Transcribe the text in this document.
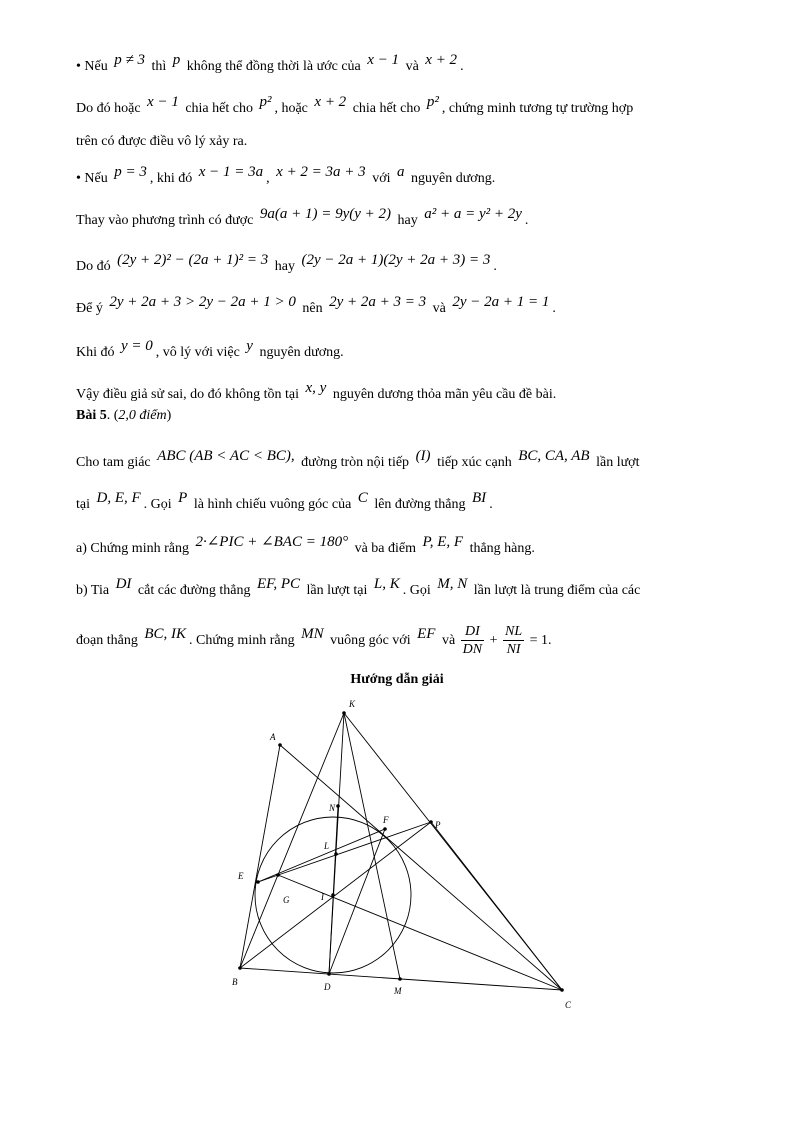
• Nếu p ≠ 3 thì p không thể đồng thời là ước của x − 1 và x + 2 .
Do đó hoặc x − 1 chia hết cho p² , hoặc x + 2 chia hết cho p² , chứng minh tương tự trường hợp
trên có được điều vô lý xảy ra.
• Nếu p = 3 , khi đó x − 1 = 3a , x + 2 = 3a + 3 với a nguyên dương.
Thay vào phương trình có được 9a(a + 1) = 9y(y + 2) hay a² + a = y² + 2y .
Do đó (2y + 2)² − (2a + 1)² = 3 hay (2y − 2a + 1)(2y + 2a + 3) = 3 .
Để ý 2y + 2a + 3 > 2y − 2a + 1 > 0 nên 2y + 2a + 3 = 3 và 2y − 2a + 1 = 1 .
Khi đó y = 0 , vô lý với việc y nguyên dương.
Vậy điều giả sử sai, do đó không tồn tại x, y nguyên dương thỏa mãn yêu cầu đề bài.
Bài 5. (2,0 điểm)
Cho tam giác ABC (AB < AC < BC), đường tròn nội tiếp (I) tiếp xúc cạnh BC, CA, AB lần lượt
tại D, E, F . Gọi P là hình chiếu vuông góc của C lên đường thẳng BI .
a) Chứng minh rằng 2·∠PIC + ∠BAC = 180° và ba điểm P, E, F thẳng hàng.
b) Tia DI cắt các đường thẳng EF, PC lần lượt tại L, K . Gọi M, N lần lượt là trung điểm của các
đoạn thẳng BC, IK . Chứng minh rằng MN vuông góc với EF và $\frac{DI}{DN} + \frac{NL}{NI} = 1$.
Hướng dẫn giải
A
K
N
F	P
L
E
G	I
B	D	M
C
